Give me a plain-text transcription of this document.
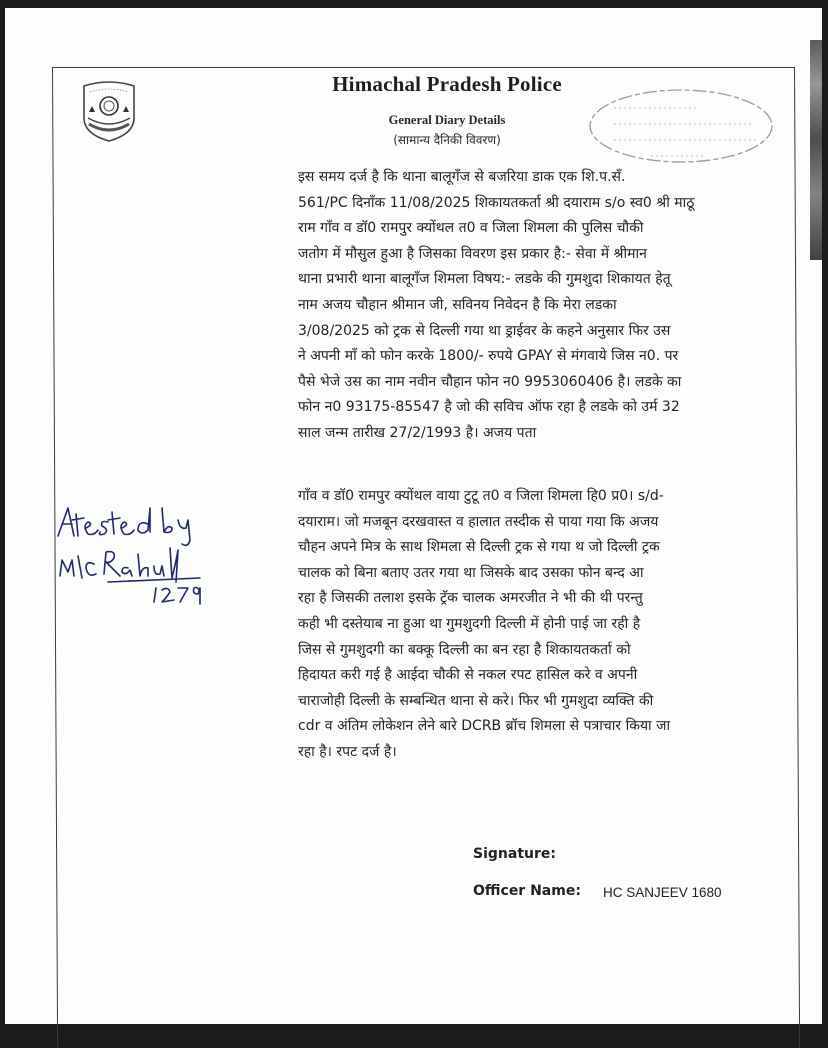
Himachal Pradesh Police
General Diary Details
(सामान्य दैनिकी विवरण)
इस समय दर्ज है कि थाना बालूगँज से बजरिया डाक एक शि.प.सँ.
561/PC दिनाँक 11/08/2025 शिकायतकर्ता श्री दयाराम s/o स्व0 श्री माठू
राम गाँव व डॉ0 रामपुर क्योंथल त0 व जिला शिमला की पुलिस चौकी
जतोग में मौसुल हुआ है जिसका विवरण इस प्रकार है:- सेवा में श्रीमान
थाना प्रभारी थाना बालूगँज शिमला विषय:- लडके की गुमशुदा शिकायत हेतू
नाम अजय चौहान श्रीमान जी, सविनय निवेदन है कि मेरा लडका
3/08/2025 को ट्रक से दिल्ली गया था ड्राईवर के कहने अनुसार फिर उस
ने अपनी माँ को फोन करके 1800/- रुपये GPAY से मंगवाये जिस न0. पर
पैसे भेजे उस का नाम नवीन चौहान फोन न0 9953060406 है। लडके का
फोन न0 93175-85547 है जो की सविच ऑफ रहा है लडके को उर्म 32
साल जन्म तारीख 27/2/1993 है। अजय पता
गाँव व डॉ0 रामपुर क्योंथल वाया टुटू त0 व जिला शिमला हि0 प्र0। s/d-
दयाराम। जो मजबून दरखवास्त व हालात तस्दीक से पाया गया कि अजय
चौहन अपने मित्र के साथ शिमला से दिल्ली ट्रक से गया थ जो दिल्ली ट्रक
चालक को बिना बताए उतर गया था जिसके बाद उसका फोन बन्द आ
रहा है जिसकी तलाश इसके ट्रॅक चालक अमरजीत ने भी की थी परन्तु
कही भी दस्तेयाब ना हुआ था गुमशुदगी दिल्ली में होनी पाई जा रही है
जिस से गुमशुदगी का बक्कू दिल्ली का बन रहा है शिकायतकर्ता को
हिदायत करी गई है आईदा चौकी से नकल रपट हासिल करे व अपनी
चाराजोही दिल्ली के सम्बन्धित थाना से करे। फिर भी गुमशुदा व्यक्ति की
cdr व अंतिम लोकेशन लेने बारे DCRB ब्रॉच शिमला से पत्राचार किया जा
रहा है। रपट दर्ज है।
Signature:
Officer Name: HC SANJEEV 1680
